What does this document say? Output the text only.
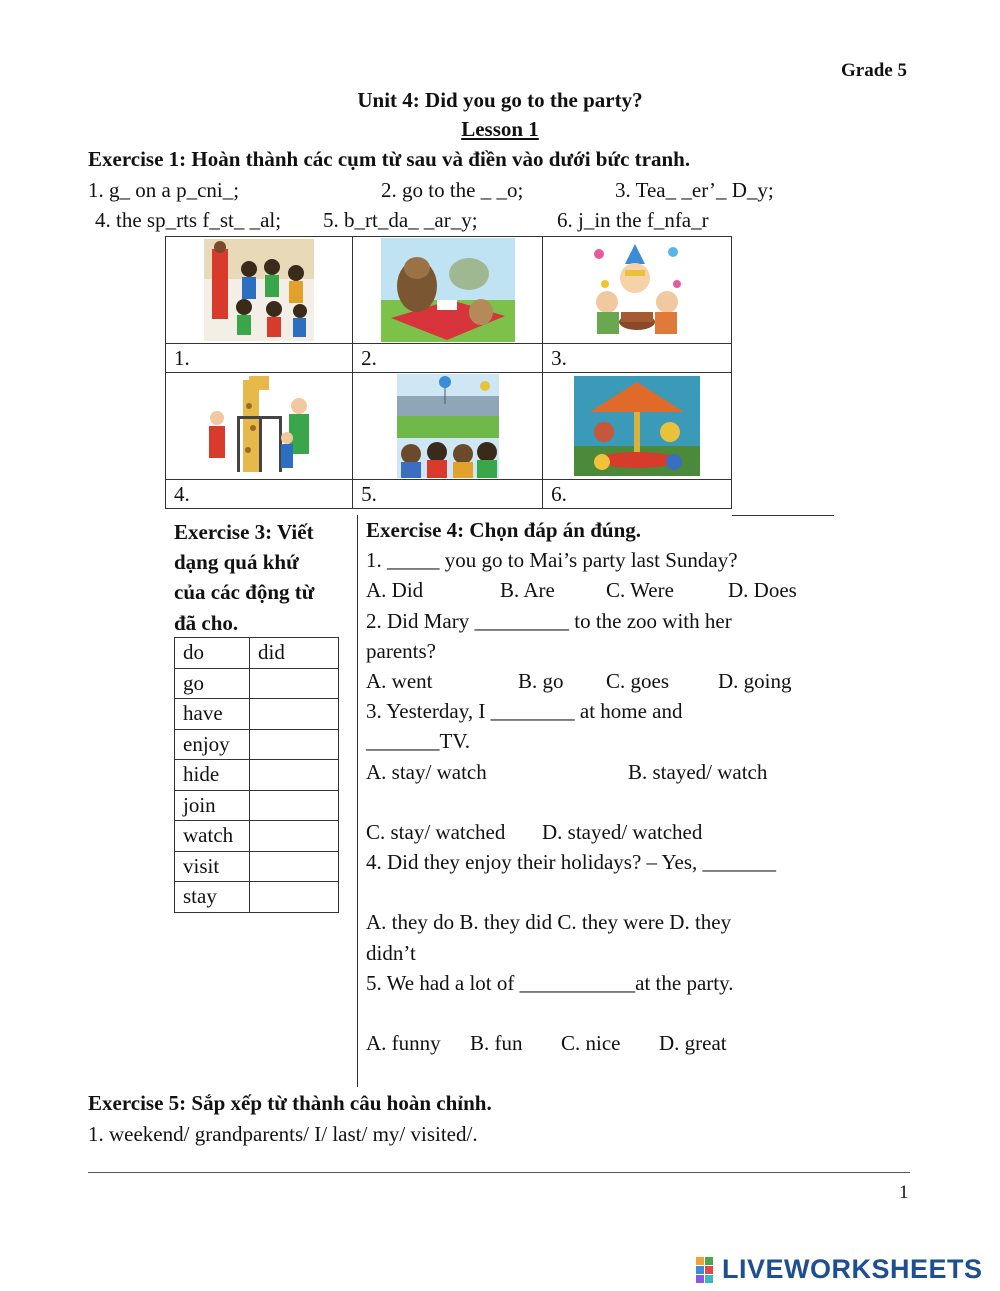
Grade 5
Unit 4: Did you go to the party?
Lesson 1
Exercise 1: Hoàn thành các cụm từ sau và điền vào dưới bức tranh.
1. g_ on a p_cni_;	2. go to the _ _o;	3. Tea_ _er’_ D_y;
4. the sp_rts f_st_ _al; 5. b_rt_da_ _ar_y;	6. j_in the f_nfa_r

1.	2.	3.

4.	5.	6.
Exercise 3: Viết
dạng quá khứ
của các động từ
đã cho.
do	did
go	
have	
enjoy	
hide	
join	
watch	
visit	
stay	
Exercise 4: Chọn đáp án đúng.
1. _____ you go to Mai’s party last Sunday?
A. Did	B. Are C. Were	D. Does
2. Did Mary _________ to the zoo with her
parents?
A. went	B. go C. goes D. going
3. Yesterday, I ________ at home and
_______TV.
A. stay/ watch	B. stayed/ watch
C. stay/ watched D. stayed/ watched
4. Did they enjoy their holidays? – Yes, _______
A. they do B. they did C. they were D. they
didn’t
5. We had a lot of ___________at the party.
A. funny B. fun C. nice D. great
Exercise 5: Sắp xếp từ thành câu hoàn chỉnh.
1. weekend/ grandparents/ I/ last/ my/ visited/.
1
LIVEWORKSHEETS
